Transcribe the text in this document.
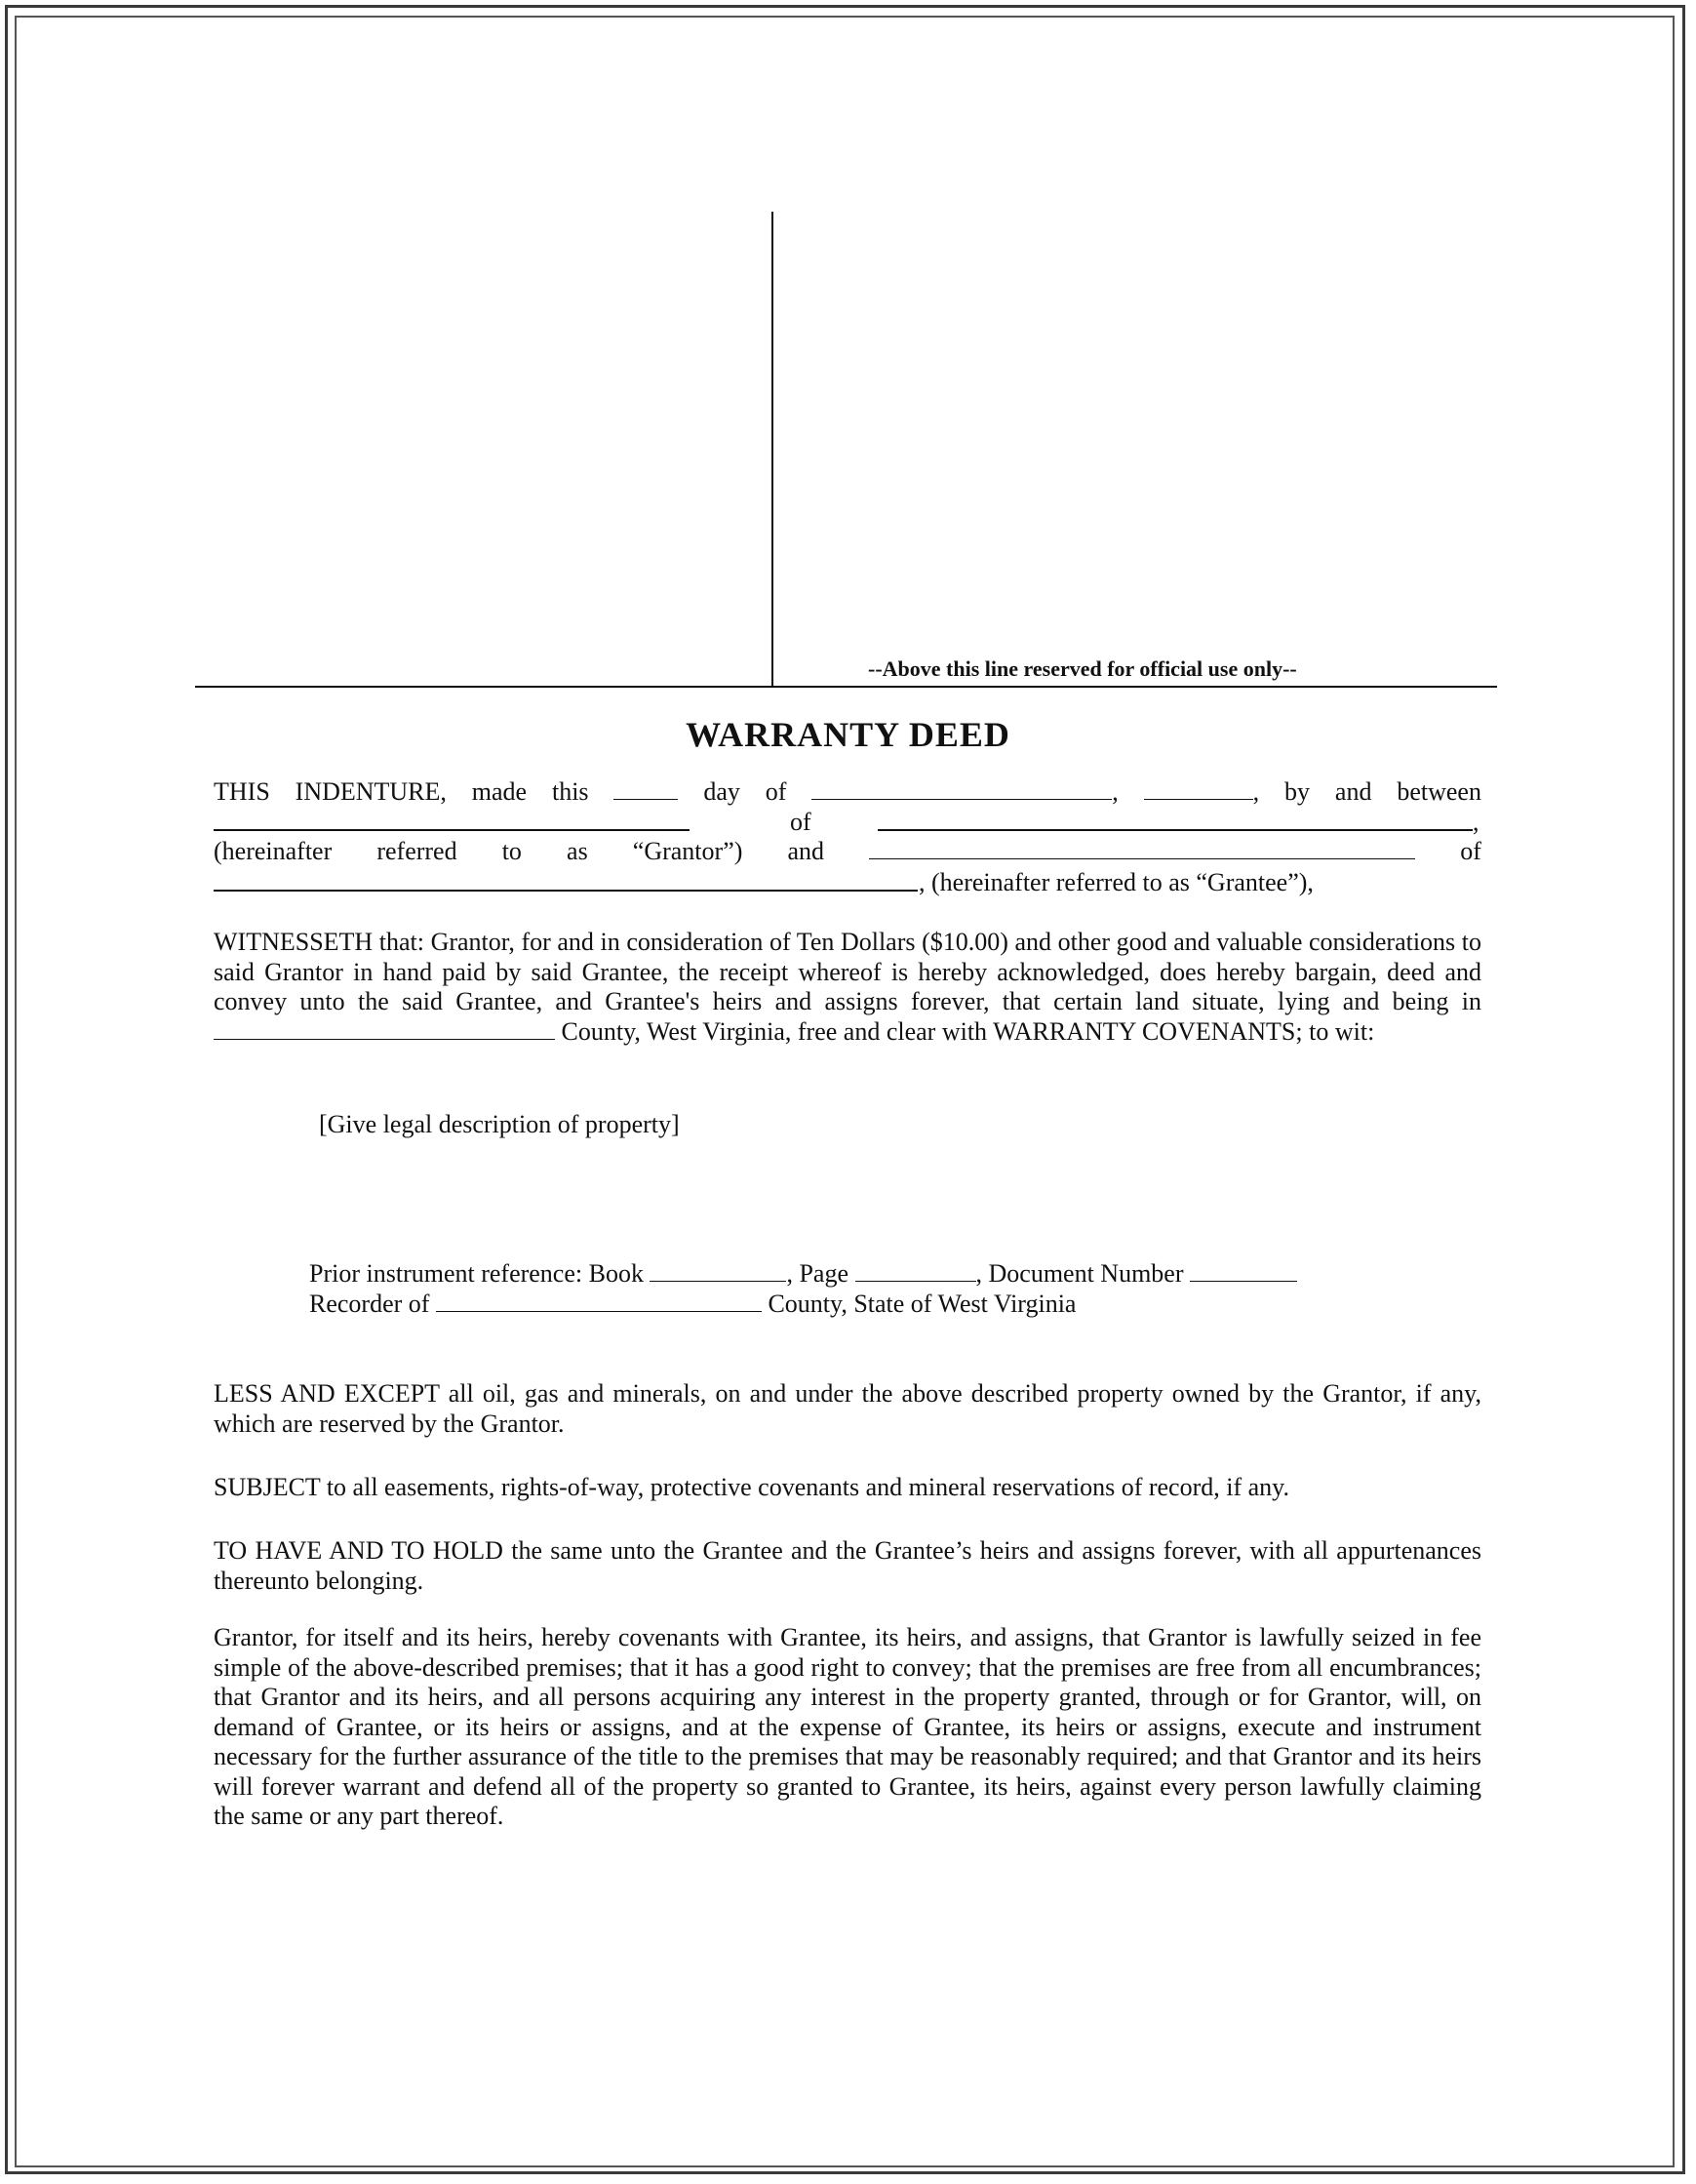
--Above this line reserved for official use only--
WARRANTY DEED
THIS INDENTURE, made this	day of	,	, by and between
of	,
(hereinafter referred to as “Grantor”) and	of
, (hereinafter referred to as “Grantee”),
WITNESSETH that: Grantor, for and in consideration of Ten Dollars ($10.00) and other good and valuable considerations to said Grantor in hand paid by said Grantee, the receipt whereof is hereby acknowledged, does hereby bargain, deed and convey unto the said Grantee, and Grantee's heirs and assigns forever, that certain land situate, lying and being in  County, West Virginia, free and clear with WARRANTY COVENANTS; to wit:
[Give legal description of property]
Prior instrument reference: Book	, Page	, Document Number
Recorder of	County, State of West Virginia
LESS AND EXCEPT all oil, gas and minerals, on and under the above described property owned by the Grantor, if any, which are reserved by the Grantor.
SUBJECT to all easements, rights-of-way, protective covenants and mineral reservations of record, if any.
TO HAVE AND TO HOLD the same unto the Grantee and the Grantee’s heirs and assigns forever, with all appurtenances thereunto belonging.
Grantor, for itself and its heirs, hereby covenants with Grantee, its heirs, and assigns, that Grantor is lawfully seized in fee simple of the above-described premises; that it has a good right to convey; that the premises are free from all encumbrances; that Grantor and its heirs, and all persons acquiring any interest in the property granted, through or for Grantor, will, on demand of Grantee, or its heirs or assigns, and at the expense of Grantee, its heirs or assigns, execute and instrument necessary for the further assurance of the title to the premises that may be reasonably required; and that Grantor and its heirs will forever warrant and defend all of the property so granted to Grantee, its heirs, against every person lawfully claiming the same or any part thereof.
